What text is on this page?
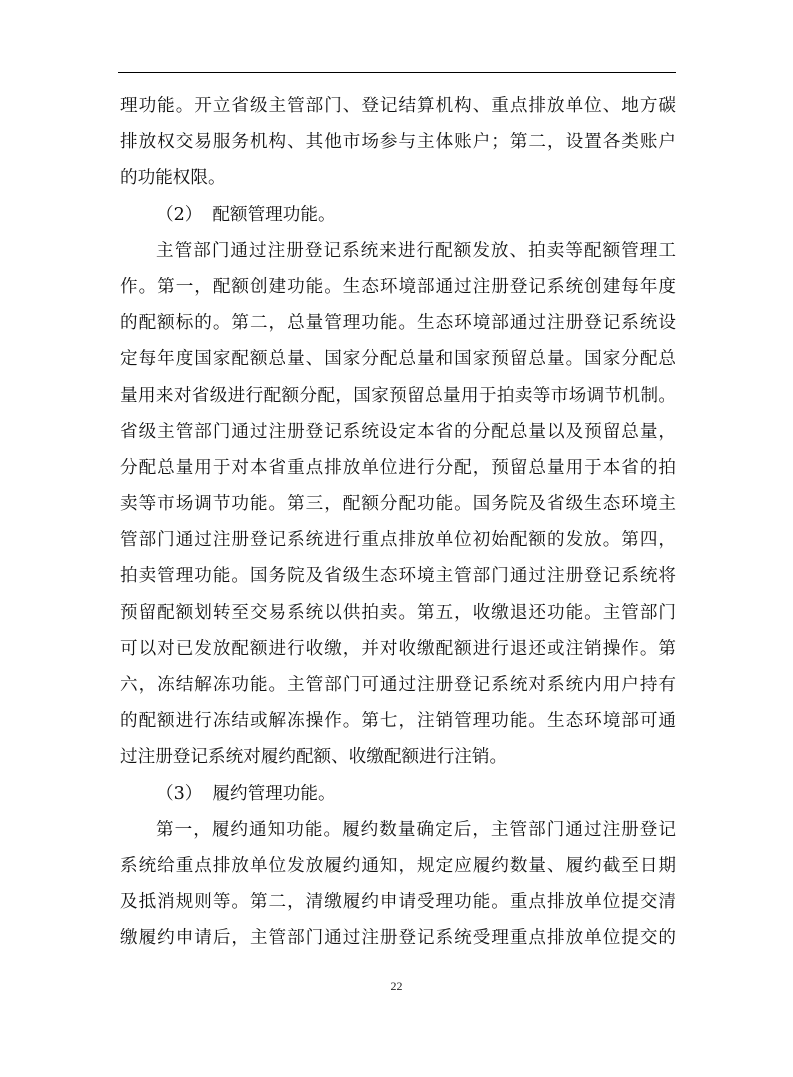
理功能。开立省级主管部门、登记结算机构、重点排放单位、地方碳
排放权交易服务机构、其他市场参与主体账户；第二，设置各类账户
的功能权限。
（2） 配额管理功能。
主管部门通过注册登记系统来进行配额发放、拍卖等配额管理工
作。第一，配额创建功能。生态环境部通过注册登记系统创建每年度
的配额标的。第二，总量管理功能。生态环境部通过注册登记系统设
定每年度国家配额总量、国家分配总量和国家预留总量。国家分配总
量用来对省级进行配额分配，国家预留总量用于拍卖等市场调节机制。
省级主管部门通过注册登记系统设定本省的分配总量以及预留总量，
分配总量用于对本省重点排放单位进行分配，预留总量用于本省的拍
卖等市场调节功能。第三，配额分配功能。国务院及省级生态环境主
管部门通过注册登记系统进行重点排放单位初始配额的发放。第四，
拍卖管理功能。国务院及省级生态环境主管部门通过注册登记系统将
预留配额划转至交易系统以供拍卖。第五，收缴退还功能。主管部门
可以对已发放配额进行收缴，并对收缴配额进行退还或注销操作。第
六，冻结解冻功能。主管部门可通过注册登记系统对系统内用户持有
的配额进行冻结或解冻操作。第七，注销管理功能。生态环境部可通
过注册登记系统对履约配额、收缴配额进行注销。
（3） 履约管理功能。
第一，履约通知功能。履约数量确定后，主管部门通过注册登记
系统给重点排放单位发放履约通知，规定应履约数量、履约截至日期
及抵消规则等。第二，清缴履约申请受理功能。重点排放单位提交清
缴履约申请后，主管部门通过注册登记系统受理重点排放单位提交的
22
